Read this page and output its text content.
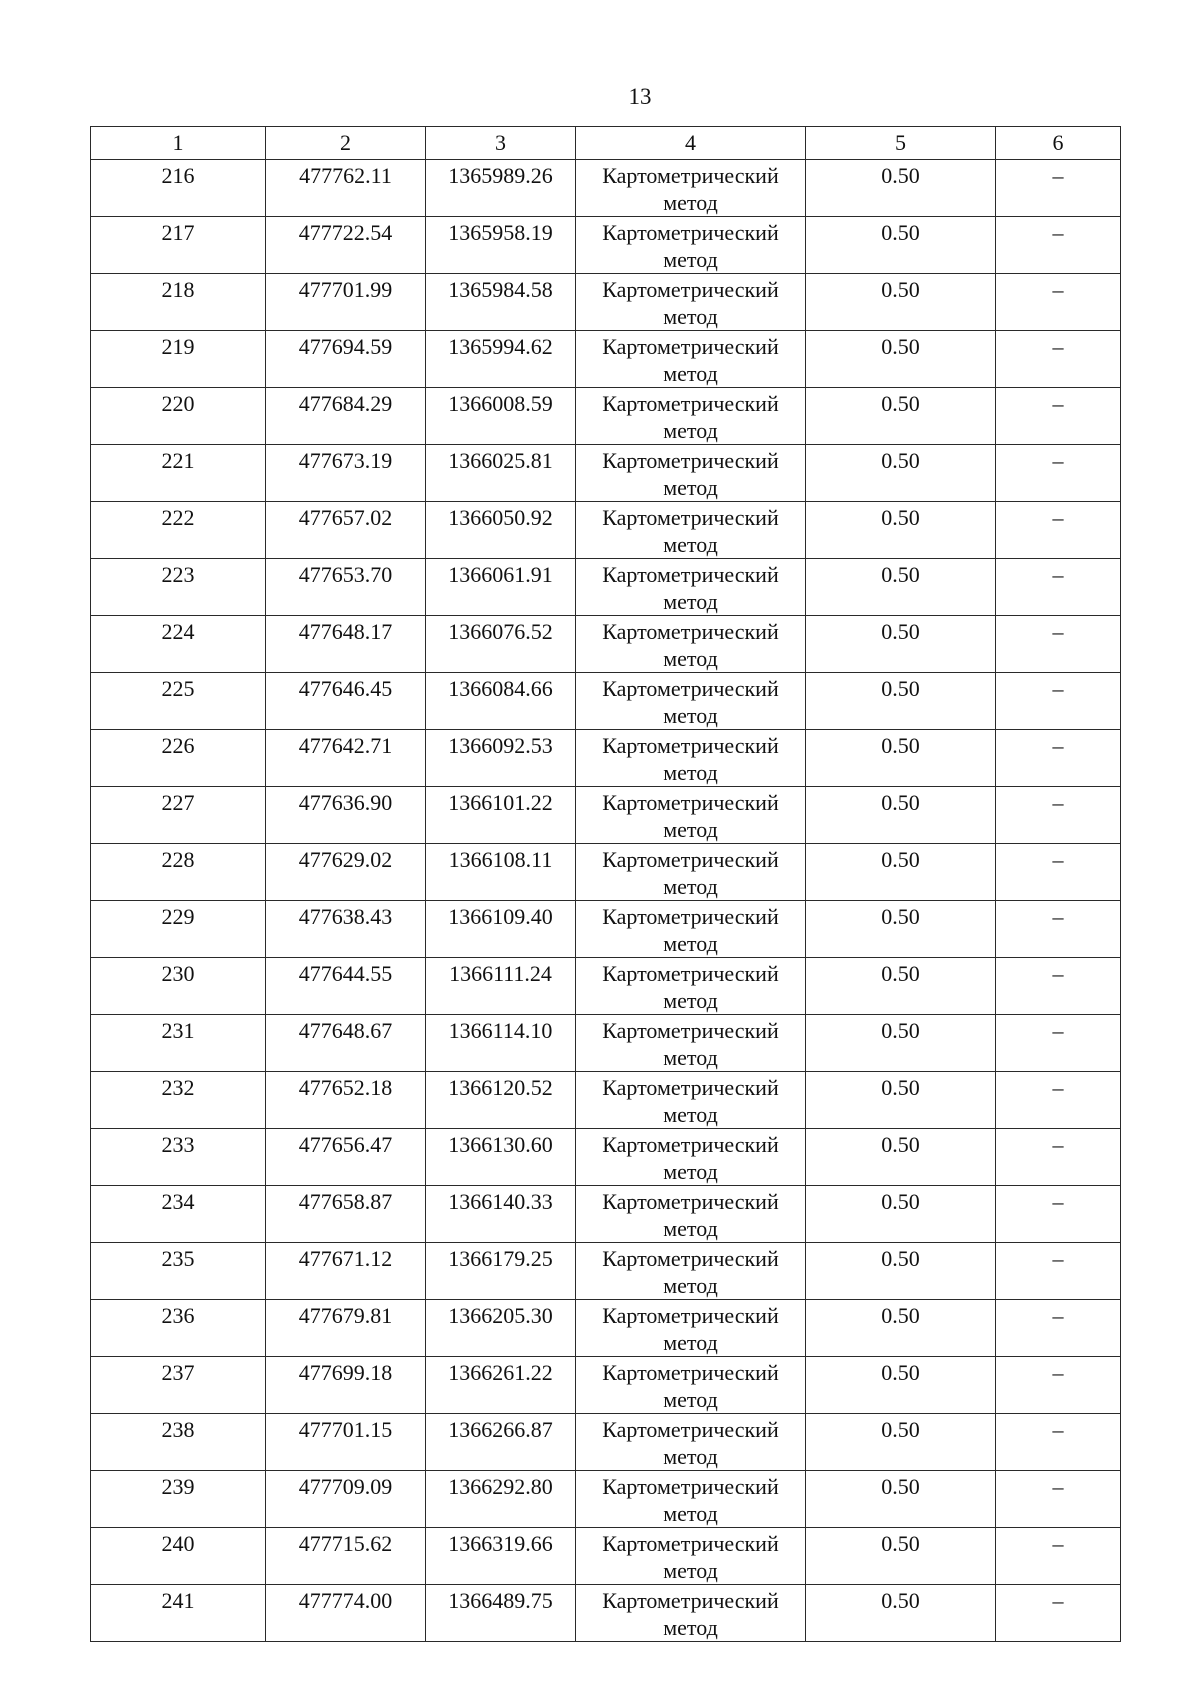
13
1	2	3	4	5	6

216	477762.11	1365989.26	Картометрический метод	0.50	–

217	477722.54	1365958.19	Картометрический метод	0.50	–

218	477701.99	1365984.58	Картометрический метод	0.50	–

219	477694.59	1365994.62	Картометрический метод	0.50	–

220	477684.29	1366008.59	Картометрический метод	0.50	–

221	477673.19	1366025.81	Картометрический метод	0.50	–

222	477657.02	1366050.92	Картометрический метод	0.50	–

223	477653.70	1366061.91	Картометрический метод	0.50	–

224	477648.17	1366076.52	Картометрический метод	0.50	–

225	477646.45	1366084.66	Картометрический метод	0.50	–

226	477642.71	1366092.53	Картометрический метод	0.50	–

227	477636.90	1366101.22	Картометрический метод	0.50	–

228	477629.02	1366108.11	Картометрический метод	0.50	–

229	477638.43	1366109.40	Картометрический метод	0.50	–

230	477644.55	1366111.24	Картометрический метод	0.50	–

231	477648.67	1366114.10	Картометрический метод	0.50	–

232	477652.18	1366120.52	Картометрический метод	0.50	–

233	477656.47	1366130.60	Картометрический метод	0.50	–

234	477658.87	1366140.33	Картометрический метод	0.50	–

235	477671.12	1366179.25	Картометрический метод	0.50	–

236	477679.81	1366205.30	Картометрический метод	0.50	–

237	477699.18	1366261.22	Картометрический метод	0.50	–

238	477701.15	1366266.87	Картометрический метод	0.50	–

239	477709.09	1366292.80	Картометрический метод	0.50	–

240	477715.62	1366319.66	Картометрический метод	0.50	–

241	477774.00	1366489.75	Картометрический метод	0.50	–
